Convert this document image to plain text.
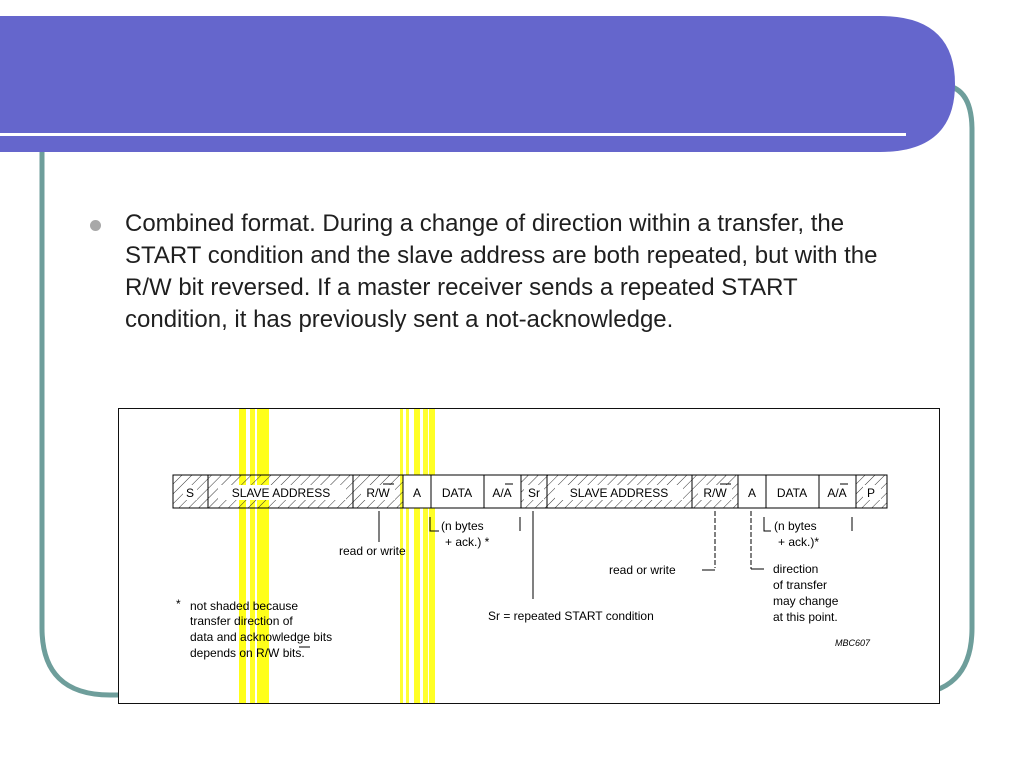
Combined format. During a change of direction within a transfer, the START condition and the slave address are both repeated, but with the R/W bit reversed. If a master receiver sends a repeated START condition, it has previously sent a not-acknowledge.
S	SLAVE ADDRESS	R/W A DATA A/A Sr SLAVE ADDRESS	R/W A DATA A/A P
read or write
(n bytes
+ ack.) *
Sr = repeated START condition
read or write
(n bytes
+ ack.)*
direction
of transfer
may change
at this point.
* not shaded because
transfer direction of
data and acknowledge bits
depends on R/W bits.
MBC607
